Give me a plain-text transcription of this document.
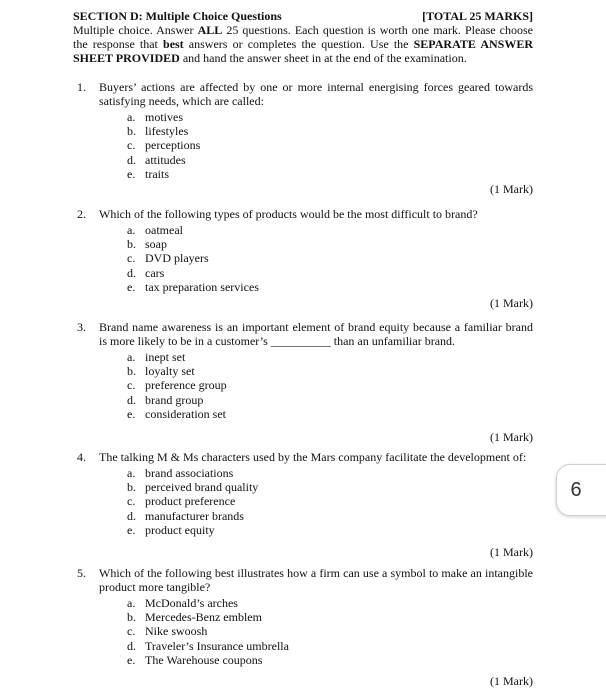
SECTION D: Multiple Choice Questions	[TOTAL 25 MARKS]
Multiple choice. Answer ALL 25 questions. Each question is worth one mark. Please choose the response that best answers or completes the question. Use the SEPARATE ANSWER SHEET PROVIDED and hand the answer sheet in at the end of the examination.
1.	Buyers’ actions are affected by one or more internal energising forces geared towards satisfying needs, which are called:
a. motives
b. lifestyles
c. perceptions
d. attitudes
e. traits
(1 Mark)
2.	Which of the following types of products would be the most difficult to brand?
a. oatmeal
b. soap
c. DVD players
d. cars
e. tax preparation services
(1 Mark)
3.	Brand name awareness is an important element of brand equity because a familiar brand is more likely to be in a customer’s __________ than an unfamiliar brand.
a. inept set
b. loyalty set
c. preference group
d. brand group
e. consideration set
(1 Mark)
4.	The talking M & Ms characters used by the Mars company facilitate the development of:
a. brand associations
b. perceived brand quality
c. product preference
d. manufacturer brands
e. product equity
(1 Mark)
5.	Which of the following best illustrates how a firm can use a symbol to make an intangible product more tangible?
a. McDonald’s arches
b. Mercedes-Benz emblem
c. Nike swoosh
d. Traveler’s Insurance umbrella
e. The Warehouse coupons
(1 Mark)
6
